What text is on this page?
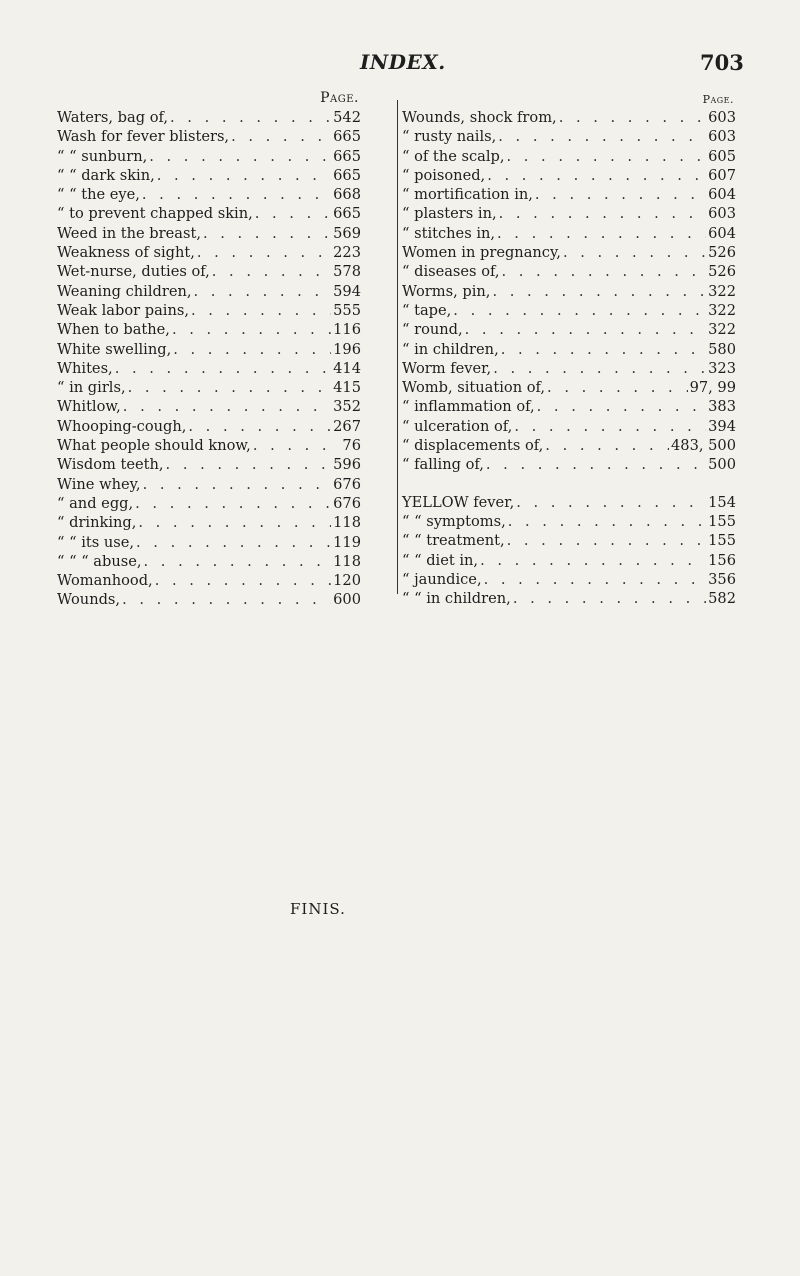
INDEX.	703
Page.
Waters, bag of, . . .	542
Wash for fever blisters, . . .	665
“ “ sunburn, . . .	665
“ “ dark skin, . . .	665
“ “ the eye, . . .	668
“ to prevent chapped skin, . . .	665
Weed in the breast, . . .	569
Weakness of sight, . . .	223
Wet-nurse, duties of, . . .	578
Weaning children, . . .	594
Weak labor pains, . . .	555
When to bathe, . . .	116
White swelling, . . .	196
Whites, . . .	414
“ in girls, . . .	415
Whitlow, . . .	352
Whooping-cough, . . .	267
What people should know, . . .	76
Wisdom teeth, . . .	596
Wine whey, . . .	676
“ and egg, . . .	676
“ drinking, . . .	118
“ “ its use, . . .	119
“ “ “ abuse, . . .	118
Womanhood, . . .	120
Wounds, . . .	600
Page.
Wounds, shock from, . . .	603
“ rusty nails, . . .	603
“ of the scalp, . . .	605
“ poisoned, . . .	607
“ mortification in, . . .	604
“ plasters in, . . .	603
“ stitches in, . . .	604
Women in pregnancy, . . .	526
“ diseases of, . . .	526
Worms, pin, . . .	322
“ tape, . . .	322
“ round, . . .	322
“ in children, . . .	580
Worm fever, . . .	323
Womb, situation of, . . .	97, 99
“ inflammation of, . . .	383
“ ulceration of, . . .	394
“ displacements of, . . .	483, 500
“ falling of, . . .	500
YELLOW fever, . . .	154
“ “ symptoms, . . .	155
“ “ treatment, . . .	155
“ “ diet in, . . .	156
“ jaundice, . . .	356
“ “ in children, . . .	582
FINIS.
